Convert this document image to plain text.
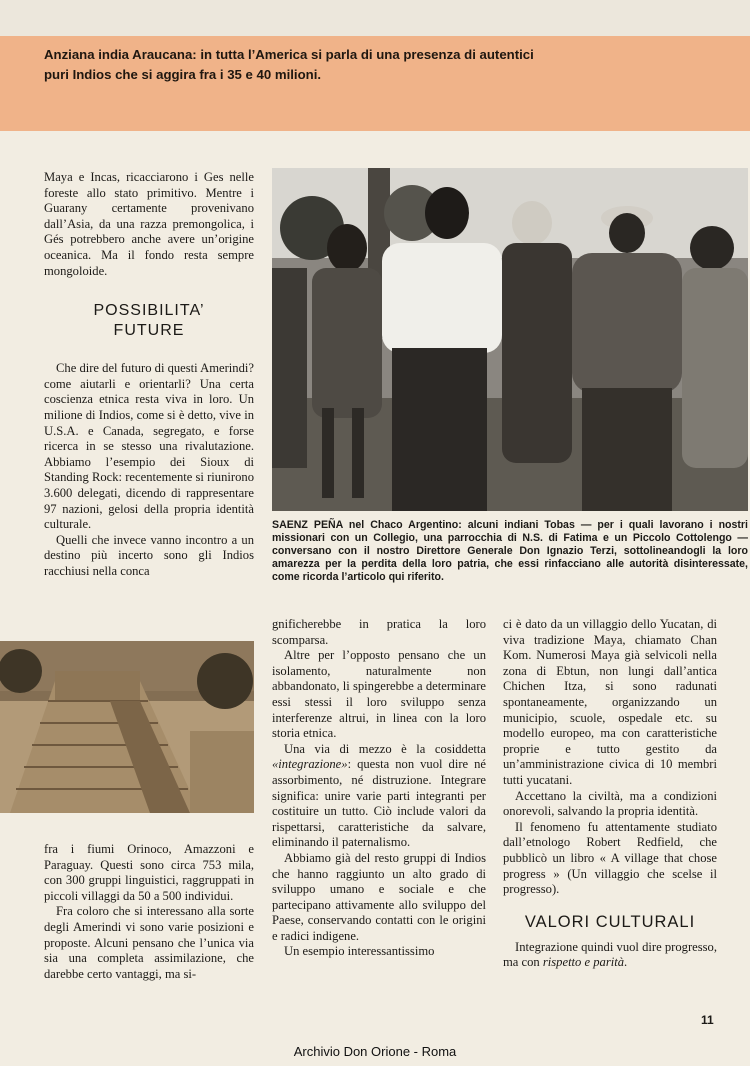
Anziana india Araucana: in tutta l’America si parla di una presenza di autentici puri Indios che si aggira fra i 35 e 40 milioni.

Maya e Incas, ricacciarono i Ges nelle foreste allo stato primitivo. Mentre i Guarany certamente provenivano dall’Asia, da una razza premongolica, i Gés potrebbero anche avere un’origine oceanica. Ma il fondo resta sempre mongoloide.

POSSIBILITA’
FUTURE

Che dire del futuro di questi Amerindi? come aiutarli e orientarli? Una certa coscienza etnica resta viva in loro. Un milione di Indios, come si è detto, vive in U.S.A. e Canada, segregato, e forse ricerca in se stesso una rivalutazione. Abbiamo l’esempio dei Sioux di Standing Rock: recentemente si riunirono 3.600 delegati, dicendo di rappresentare 97 nazioni, gelosi della propria identità culturale.

Quelli che invece vanno incontro a un destino più incerto sono gli Indios racchiusi nella conca

SAENZ PEÑA nel Chaco Argentino: alcuni indiani Tobas — per i quali lavorano i nostri missionari con un Collegio, una parrocchia di N.S. di Fatima e un Piccolo Cottolengo — conversano con il nostro Direttore Generale Don Ignazio Terzi, sottolineandogli la loro amarezza per la perdita della loro patria, che essi rinfacciano alle autorità disinteressate, come ricorda l’articolo qui riferito.

fra i fiumi Orinoco, Amazzoni e Paraguay. Questi sono circa 753 mila, con 300 gruppi linguistici, raggruppati in piccoli villaggi da 50 a 500 individui.

Fra coloro che si interessano alla sorte degli Amerindi vi sono varie posizioni e proposte. Alcuni pensano che l’unica via sia una completa assimilazione, che darebbe certo vantaggi, ma si-

gnificherebbe in pratica la loro scomparsa.

Altre per l’opposto pensano che un isolamento, naturalmente non abbandonato, li spingerebbe a determinare essi stessi il loro sviluppo senza interferenze altrui, in linea con la loro storia etnica.

Una via di mezzo è la cosiddetta «integrazione»: questa non vuol dire né assorbimento, né distruzione. Integrare significa: unire varie parti integranti per costituire un tutto. Ciò include valori da rispettarsi, caratteristiche da salvare, eliminando il paternalismo.

Abbiamo già del resto gruppi di Indios che hanno raggiunto un alto grado di sviluppo umano e sociale e che partecipano attivamente allo sviluppo del Paese, conservando contatti con le origini e radici indigene.

Un esempio interessantissimo

ci è dato da un villaggio dello Yucatan, di viva tradizione Maya, chiamato Chan Kom. Numerosi Maya già selvicoli nella zona di Ebtun, non lungi dall’antica Chichen Itza, si sono radunati spontaneamente, organizzando un municipio, scuole, ospedale etc. su modello europeo, ma con caratteristiche proprie e tutto gestito da un’amministrazione civica di 10 membri tutti yucatani.

Accettano la civiltà, ma a condizioni onorevoli, salvando la propria identità.

Il fenomeno fu attentamente studiato dall’etnologo Robert Redfield, che pubblicò un libro « A village that chose progress » (Un villaggio che scelse il progresso).

VALORI CULTURALI

Integrazione quindi vuol dire progresso, ma con rispetto e parità.

11
Archivio Don Orione - Roma
